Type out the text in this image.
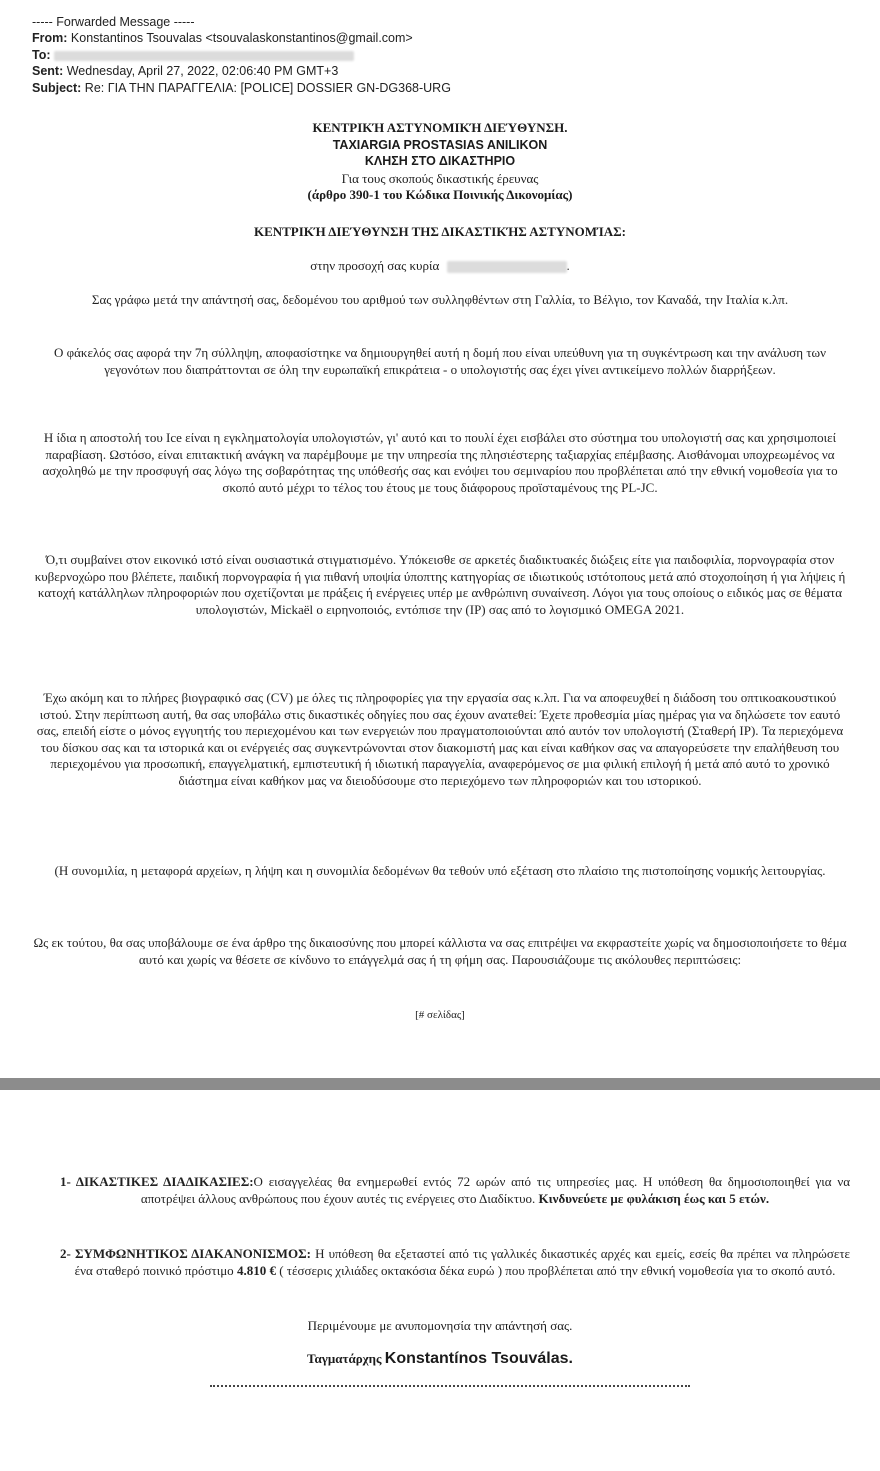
----- Forwarded Message -----
From: Konstantinos Tsouvalas <tsouvalaskonstantinos@gmail.com>
To:
Sent: Wednesday, April 27, 2022, 02:06:40 PM GMT+3
Subject: Re: ΓΙΑ ΤΗΝ ΠΑΡΑΓΓΕΛΙΑ: [POLICE] DOSSIER GN-DG368-URG
ΚΕΝΤΡΙΚΉ ΑΣΤΥΝΟΜΙΚΉ ΔΙΕΎΘΥΝΣΗ.
TAXIARGIA PROSTASIAS ANILIKON
ΚΛΗΣΗ ΣΤΟ ΔΙΚΑΣΤΗΡΙΟ
Για τους σκοπούς δικαστικής έρευνας
(άρθρο 390-1 του Κώδικα Ποινικής Δικονομίας)
ΚΕΝΤΡΙΚΉ ΔΙΕΎΘΥΝΣΗ ΤΗΣ ΔΙΚΑΣΤΙΚΉΣ ΑΣΤΥΝΟΜΊΑΣ:
στην προσοχή σας κυρία	.
Σας γράφω μετά την απάντησή σας, δεδομένου του αριθμού των συλληφθέντων στη Γαλλία, το Βέλγιο, τον Καναδά, την Ιταλία κ.λπ.
Ο φάκελός σας αφορά την 7η σύλληψη, αποφασίστηκε να δημιουργηθεί αυτή η δομή που είναι υπεύθυνη για τη συγκέντρωση και την ανάλυση των γεγονότων που διαπράττονται σε όλη την ευρωπαϊκή επικράτεια - ο υπολογιστής σας έχει γίνει αντικείμενο πολλών διαρρήξεων.
Η ίδια η αποστολή του Ice είναι η εγκληματολογία υπολογιστών, γι' αυτό και το πουλί έχει εισβάλει στο σύστημα του υπολογιστή σας και χρησιμοποιεί παραβίαση. Ωστόσο, είναι επιτακτική ανάγκη να παρέμβουμε με την υπηρεσία της πλησιέστερης ταξιαρχίας επέμβασης. Αισθάνομαι υποχρεωμένος να ασχοληθώ με την προσφυγή σας λόγω της σοβαρότητας της υπόθεσής σας και ενόψει του σεμιναρίου που προβλέπεται από την εθνική νομοθεσία για το σκοπό αυτό μέχρι το τέλος του έτους με τους διάφορους προϊσταμένους της PL-JC.
Ό,τι συμβαίνει στον εικονικό ιστό είναι ουσιαστικά στιγματισμένο. Υπόκεισθε σε αρκετές διαδικτυακές διώξεις είτε για παιδοφιλία, πορνογραφία στον κυβερνοχώρο που βλέπετε, παιδική πορνογραφία ή για πιθανή υποψία ύποπτης κατηγορίας σε ιδιωτικούς ιστότοπους μετά από στοχοποίηση ή για λήψεις ή κατοχή κατάλληλων πληροφοριών που σχετίζονται με πράξεις ή ενέργειες υπέρ με ανθρώπινη συναίνεση. Λόγοι για τους οποίους ο ειδικός μας σε θέματα υπολογιστών, Mickaël ο ειρηνοποιός, εντόπισε την (IP) σας από το λογισμικό OMEGA 2021.
Έχω ακόμη και το πλήρες βιογραφικό σας (CV) με όλες τις πληροφορίες για την εργασία σας κ.λπ. Για να αποφευχθεί η διάδοση του οπτικοακουστικού ιστού. Στην περίπτωση αυτή, θα σας υποβάλω στις δικαστικές οδηγίες που σας έχουν ανατεθεί: Έχετε προθεσμία μίας ημέρας για να δηλώσετε τον εαυτό σας, επειδή είστε ο μόνος εγγυητής του περιεχομένου και των ενεργειών που πραγματοποιούνται από αυτόν τον υπολογιστή (Σταθερή IP). Τα περιεχόμενα του δίσκου σας και τα ιστορικά και οι ενέργειές σας συγκεντρώνονται στον διακομιστή μας και είναι καθήκον σας να απαγορεύσετε την επαλήθευση του περιεχομένου για προσωπική, επαγγελματική, εμπιστευτική ή ιδιωτική παραγγελία, αναφερόμενος σε μια φιλική επιλογή ή μετά από αυτό το χρονικό διάστημα είναι καθήκον μας να διειοδύσουμε στο περιεχόμενο των πληροφοριών και του ιστορικού.
(Η συνομιλία, η μεταφορά αρχείων, η λήψη και η συνομιλία δεδομένων θα τεθούν υπό εξέταση στο πλαίσιο της πιστοποίησης νομικής λειτουργίας.
Ως εκ τούτου, θα σας υποβάλουμε σε ένα άρθρο της δικαιοσύνης που μπορεί κάλλιστα να σας επιτρέψει να εκφραστείτε χωρίς να δημοσιοποιήσετε το θέμα αυτό και χωρίς να θέσετε σε κίνδυνο το επάγγελμά σας ή τη φήμη σας. Παρουσιάζουμε τις ακόλουθες περιπτώσεις:
[# σελίδας]
1- ΔΙΚΑΣΤΙΚΕΣ ΔΙΑΔΙΚΑΣΙΕΣ:Ο εισαγγελέας θα ενημερωθεί εντός 72 ωρών από τις υπηρεσίες μας. Η υπόθεση θα δημοσιοποιηθεί για να αποτρέψει άλλους ανθρώπους που έχουν αυτές τις ενέργειες στο Διαδίκτυο. Κινδυνεύετε με φυλάκιση έως και 5 ετών.
2- ΣΥΜΦΩΝΗΤΙΚΟΣ ΔΙΑΚΑΝΟΝΙΣΜΟΣ: Η υπόθεση θα εξεταστεί από τις γαλλικές δικαστικές αρχές και εμείς, εσείς θα πρέπει να πληρώσετε ένα σταθερό ποινικό πρόστιμο 4.810 € ( τέσσερις χιλιάδες οκτακόσια δέκα ευρώ ) που προβλέπεται από την εθνική νομοθεσία για το σκοπό αυτό.
Περιμένουμε με ανυπομονησία την απάντησή σας.
Ταγματάρχης Konstantínos Tsouválas.
